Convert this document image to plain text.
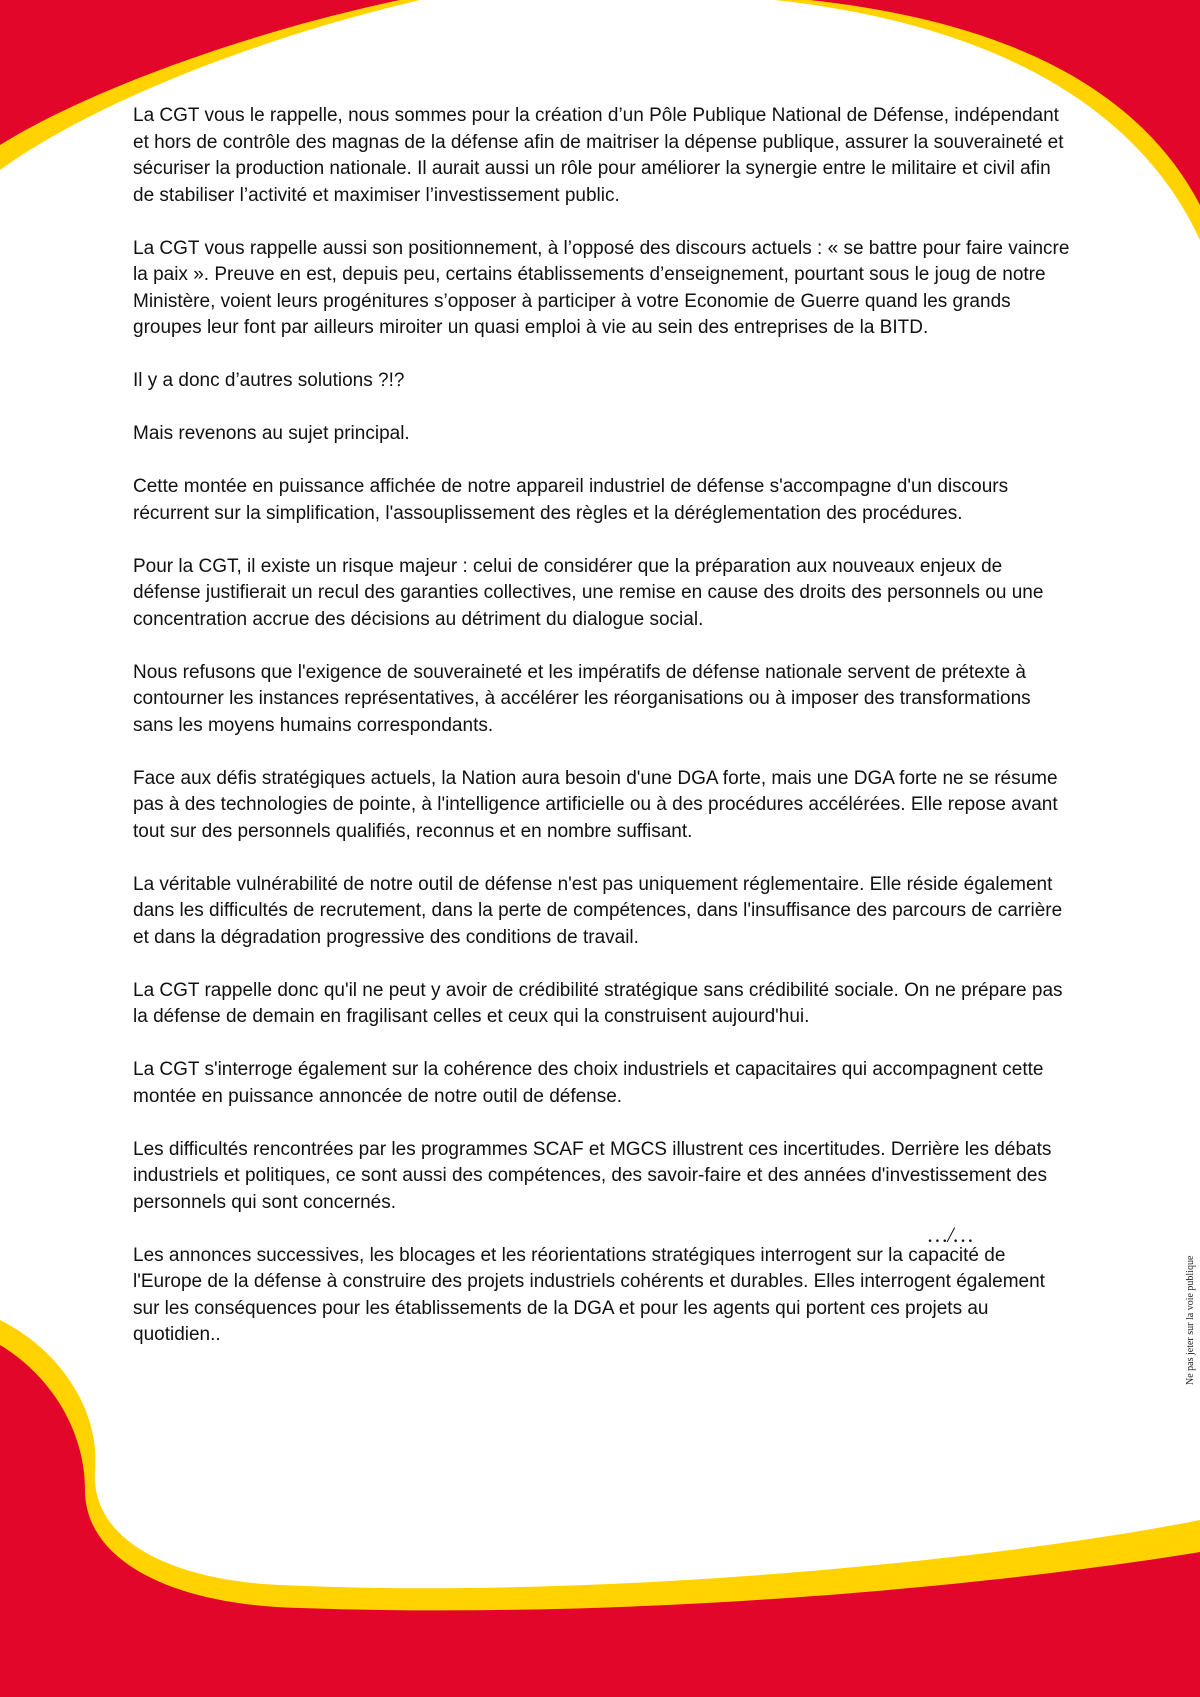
La CGT vous le rappelle, nous sommes pour la création d’un Pôle Publique National de Défense, indépendant et hors de contrôle des magnas de la défense afin de maitriser la dépense publique, assurer la souveraineté et sécuriser la production nationale. Il aurait aussi un rôle pour améliorer la synergie entre le militaire et civil afin de stabiliser l’activité et maximiser l’investissement public.

La CGT vous rappelle aussi son positionnement, à l’opposé des discours actuels : « se battre pour faire vaincre la paix ». Preuve en est, depuis peu, certains établissements d’enseignement, pourtant sous le joug de notre Ministère, voient leurs progénitures s’opposer à participer à votre Economie de Guerre quand les grands groupes leur font par ailleurs miroiter un quasi emploi à vie au sein des entreprises de la BITD.

Il y a donc d’autres solutions ?!?

Mais revenons au sujet principal.

Cette montée en puissance affichée de notre appareil industriel de défense s'accompagne d'un discours récurrent sur la simplification, l'assouplissement des règles et la déréglementation des procédures.

Pour la CGT, il existe un risque majeur : celui de considérer que la préparation aux nouveaux enjeux de défense justifierait un recul des garanties collectives, une remise en cause des droits des personnels ou une concentration accrue des décisions au détriment du dialogue social.

Nous refusons que l'exigence de souveraineté et les impératifs de défense nationale servent de prétexte à contourner les instances représentatives, à accélérer les réorganisations ou à imposer des transformations sans les moyens humains correspondants.

Face aux défis stratégiques actuels, la Nation aura besoin d'une DGA forte, mais une DGA forte ne se résume pas à des technologies de pointe, à l'intelligence artificielle ou à des procédures accélérées. Elle repose avant tout sur des personnels qualifiés, reconnus et en nombre suffisant.

La véritable vulnérabilité de notre outil de défense n'est pas uniquement réglementaire. Elle réside également dans les difficultés de recrutement, dans la perte de compétences, dans l'insuffisance des parcours de carrière et dans la dégradation progressive des conditions de travail.

La CGT rappelle donc qu'il ne peut y avoir de crédibilité stratégique sans crédibilité sociale. On ne prépare pas la défense de demain en fragilisant celles et ceux qui la construisent aujourd'hui.

La CGT s'interroge également sur la cohérence des choix industriels et capacitaires qui accompagnent cette montée en puissance annoncée de notre outil de défense.

Les difficultés rencontrées par les programmes SCAF et MGCS illustrent ces incertitudes. Derrière les débats industriels et politiques, ce sont aussi des compétences, des savoir-faire et des années d'investissement des personnels qui sont concernés.

Les annonces successives, les blocages et les réorientations stratégiques interrogent sur la capacité de l'Europe de la défense à construire des projets industriels cohérents et durables. Elles interrogent également sur les conséquences pour les établissements de la DGA et pour les agents qui portent ces projets au quotidien..

…/…
Ne pas jeter sur la voie publique
